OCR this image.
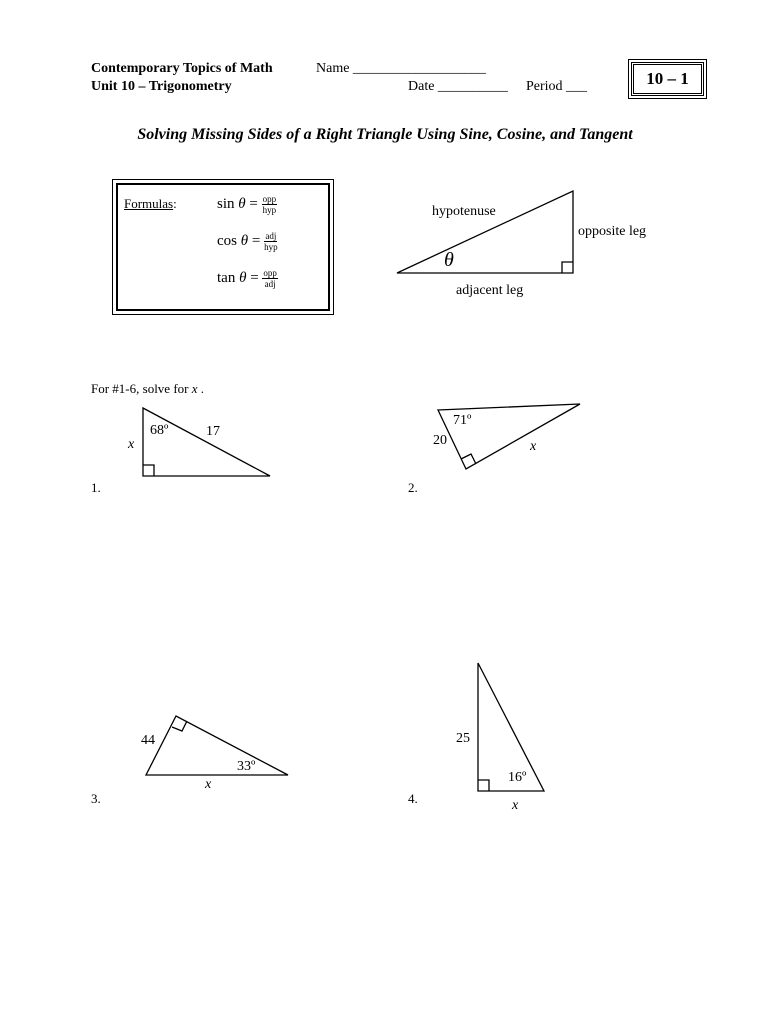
Contemporary Topics of Math
Unit 10 – Trigonometry
Name ___________________
Date __________ Period ___	10 – 1
Solving Missing Sides of a Right Triangle Using Sine, Cosine, and Tangent
Formulas:	$\sin \theta = \frac{\text{opp}}{\text{hyp}}$
$\cos \theta = \frac{\text{adj}}{\text{hyp}}$
$\tan \theta = \frac{\text{opp}}{\text{adj}}$
hypotenuse
opposite leg
adjacent leg
θ
For #1-6, solve for x .
68º	17
x
1.
71º
20	x
2.
44
33º
x
3.
25
16º
x
4.
